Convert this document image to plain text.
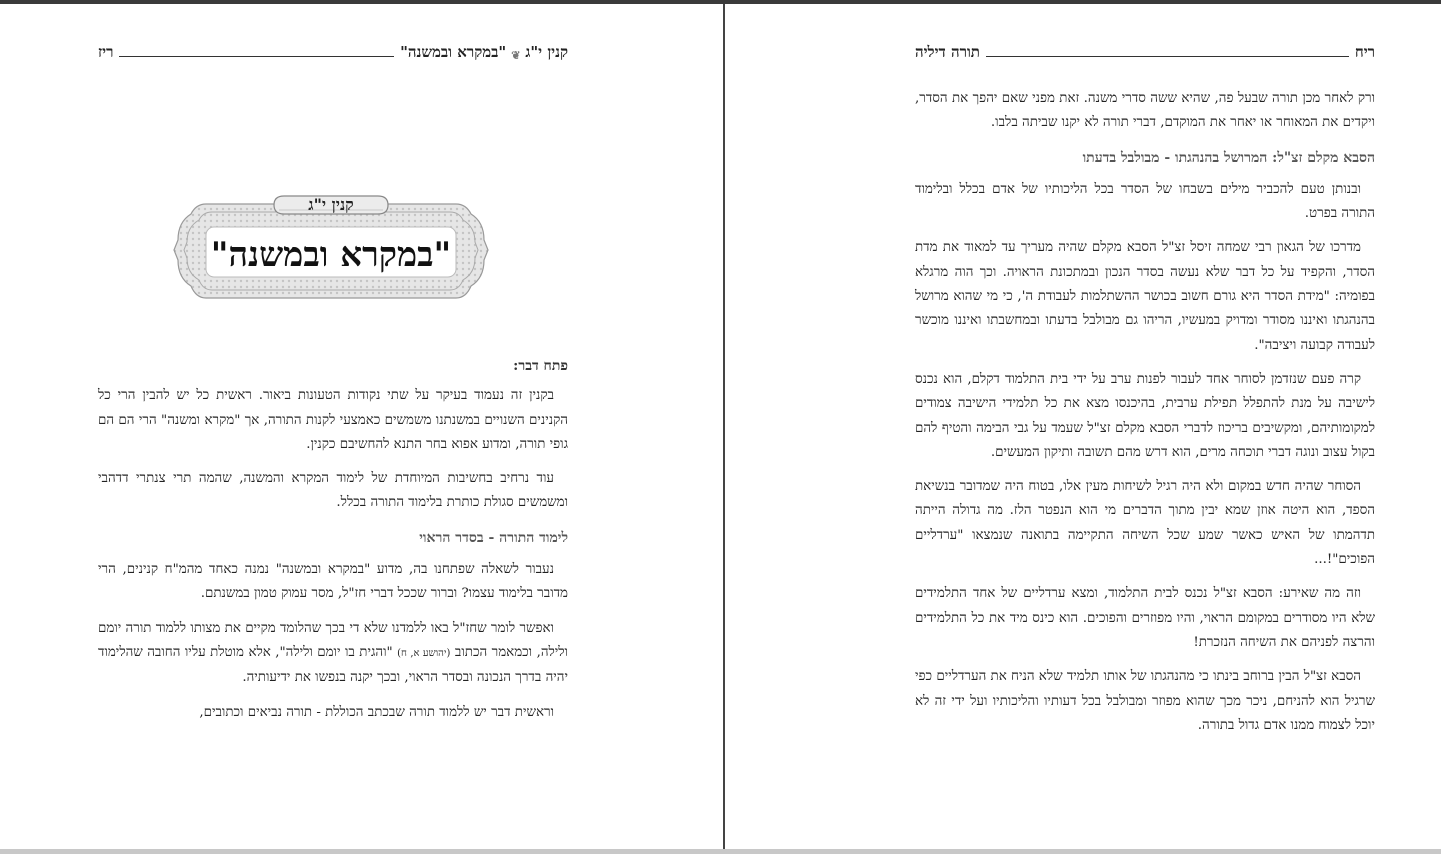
קנין י"ג
❦
"במקרא ובמשנה"
ריז
קנין י"ג
"במקרא ובמשנה"
פתח דבר:

בקנין זה נעמוד בעיקר על שתי נקודות הטעונות ביאור. ראשית כל יש להבין הרי כל הקנינים השנויים במשנתנו משמשים כאמצעי לקנות התורה, אך "מקרא ומשנה" הרי הם הם גופי תורה, ומדוע אפוא בחר התנא להחשיבם כקנין.

עוד נרחיב בחשיבות המיוחדת של לימוד המקרא והמשנה, שהמה תרי צנתרי דדהבי ומשמשים סגולת כותרת בלימוד התורה בכלל.

לימוד התורה - בסדר הראוי

נעבור לשאלה שפתחנו בה, מדוע "במקרא ובמשנה" נמנה כאחד מהמ"ח קנינים, הרי מדובר בלימוד עצמו? וברור שככל דברי חז"ל, מסר עמוק טמון במשנתם.

ואפשר לומר שחז"ל באו ללמדנו שלא די בכך שהלומד מקיים את מצותו ללמוד תורה יומם ולילה, וכמאמר הכתוב (יהושע א, ח) "והגית בו יומם ולילה", אלא מוטלת עליו החובה שהלימוד יהיה בדרך הנכונה ובסדר הראוי, ובכך יקנה בנפשו את ידיעותיה.

וראשית דבר יש ללמוד תורה שבכתב הכוללת - תורה נביאים וכתובים,

ריח
תורה דיליה

ורק לאחר מכן תורה שבעל פה, שהיא ששה סדרי משנה. זאת מפני שאם יהפך את הסדר, ויקדים את המאוחר או יאחר את המוקדם, דברי תורה לא יקנו שביתה בלבו.

הסבא מקלם זצ"ל: המרושל בהנהגתו - מבולבל בדעתו

ובנותן טעם להכביר מילים בשבחו של הסדר בכל הליכותיו של אדם בכלל ובלימוד התורה בפרט.

מדרכו של הגאון רבי שמחה זיסל זצ"ל הסבא מקלם שהיה מעריך עד למאוד את מדת הסדר, והקפיד על כל דבר שלא נעשה בסדר הנכון ובמתכונת הראויה. וכך הוה מרגלא בפומיה: "מידת הסדר היא גורם חשוב בכושר ההשתלמות לעבודת ה', כי מי שהוא מרושל בהנהגתו ואיננו מסודר ומדויק במעשיו, הריהו גם מבולבל בדעתו ובמחשבתו ואיננו מוכשר לעבודה קבועה ויציבה".

קרה פעם שנזדמן לסוחר אחד לעבור לפנות ערב על ידי בית התלמוד דקלם, הוא נכנס לישיבה על מנת להתפלל תפילת ערבית, בהיכנסו מצא את כל תלמידי הישיבה צמודים למקומותיהם, ומקשיבים בריכוז לדברי הסבא מקלם זצ"ל שעמד על גבי הבימה והטיף להם בקול עצוב ונוגה דברי תוכחה מרים, הוא דרש מהם תשובה ותיקון המעשים.

הסוחר שהיה חדש במקום ולא היה רגיל לשיחות מעין אלו, בטוח היה שמדובר בנשיאת הספד, הוא היטה אוזן שמא יבין מתוך הדברים מי הוא הנפטר הלז. מה גדולה הייתה תדהמתו של האיש כאשר שמע שכל השיחה התקיימה בתואנה שנמצאו "ערדליים הפוכים"!...

וזה מה שאירע: הסבא זצ"ל נכנס לבית התלמוד, ומצא ערדליים של אחד התלמידים שלא היו מסודרים במקומם הראוי, והיו מפוזרים והפוכים. הוא כינס מיד את כל התלמידים והרצה לפניהם את השיחה הנזכרת!

הסבא זצ"ל הבין ברוחב בינתו כי מהנהגתו של אותו תלמיד שלא הניח את הערדליים כפי שרגיל הוא להניחם, ניכר מכך שהוא מפוזר ומבולבל בכל דעותיו והליכותיו ועל ידי זה לא יוכל לצמוח ממנו אדם גדול בתורה.
